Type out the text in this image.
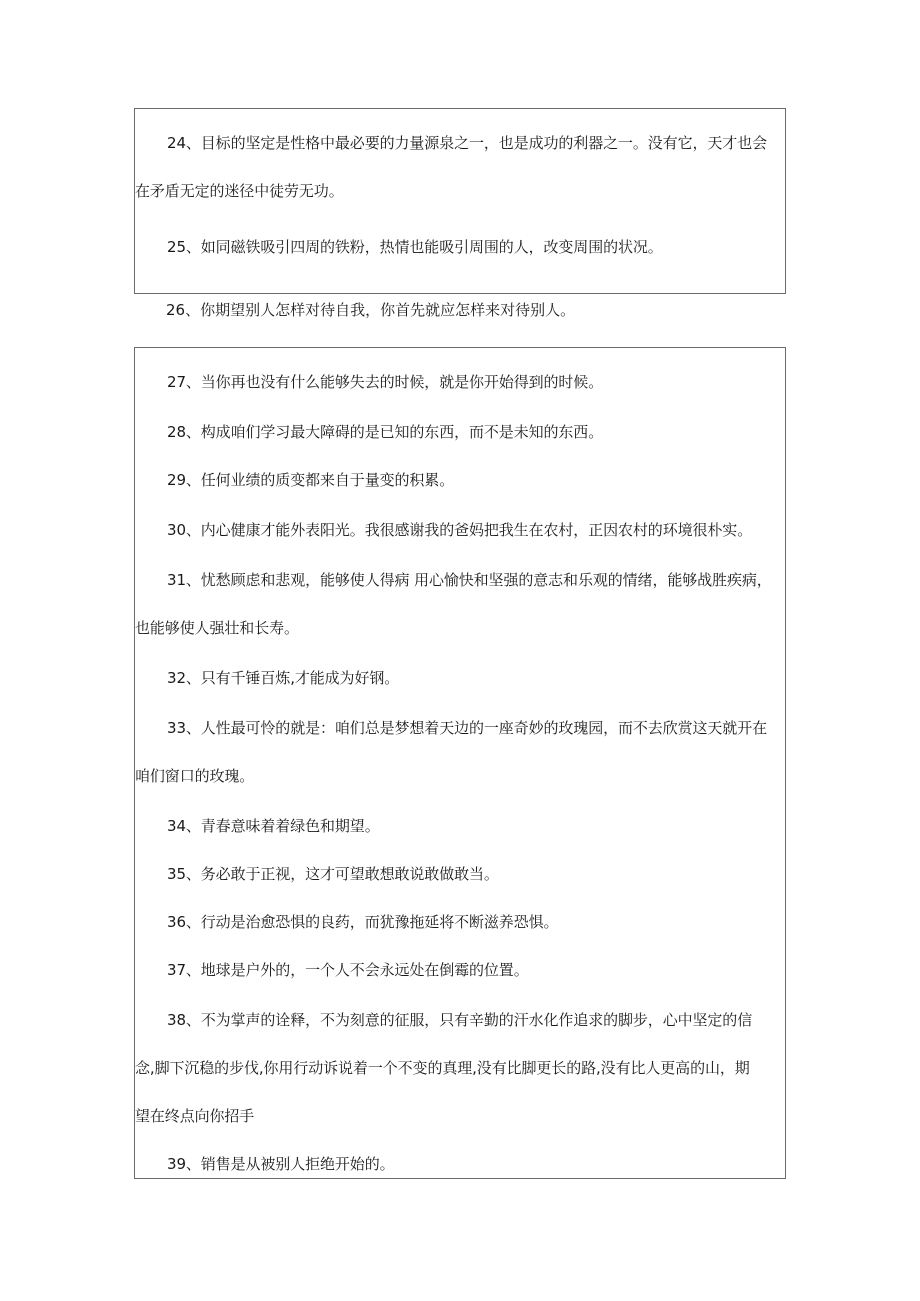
24、目标的坚定是性格中最必要的力量源泉之一，也是成功的利器之一。没有它，天才也会
在矛盾无定的迷径中徒劳无功。

25、如同磁铁吸引四周的铁粉，热情也能吸引周围的人，改变周围的状况。

26、你期望别人怎样对待自我，你首先就应怎样来对待别人。

27、当你再也没有什么能够失去的时候，就是你开始得到的时候。

28、构成咱们学习最大障碍的是已知的东西，而不是未知的东西。

29、任何业绩的质变都来自于量变的积累。

30、内心健康才能外表阳光。我很感谢我的爸妈把我生在农村，正因农村的环境很朴实。

31、忧愁顾虑和悲观，能够使人得病 用心愉快和坚强的意志和乐观的情绪，能够战胜疾病，
也能够使人强壮和长寿。

32、只有千锤百炼,才能成为好钢。

33、人性最可怜的就是：咱们总是梦想着天边的一座奇妙的玫瑰园，而不去欣赏这天就开在
咱们窗口的玫瑰。

34、青春意味着着绿色和期望。

35、务必敢于正视，这才可望敢想敢说敢做敢当。

36、行动是治愈恐惧的良药，而犹豫拖延将不断滋养恐惧。

37、地球是户外的，一个人不会永远处在倒霉的位置。

38、不为掌声的诠释，不为刻意的征服，只有辛勤的汗水化作追求的脚步，心中坚定的信
念,脚下沉稳的步伐,你用行动诉说着一个不变的真理,没有比脚更长的路,没有比人更高的山，期
望在终点向你招手

39、销售是从被别人拒绝开始的。
